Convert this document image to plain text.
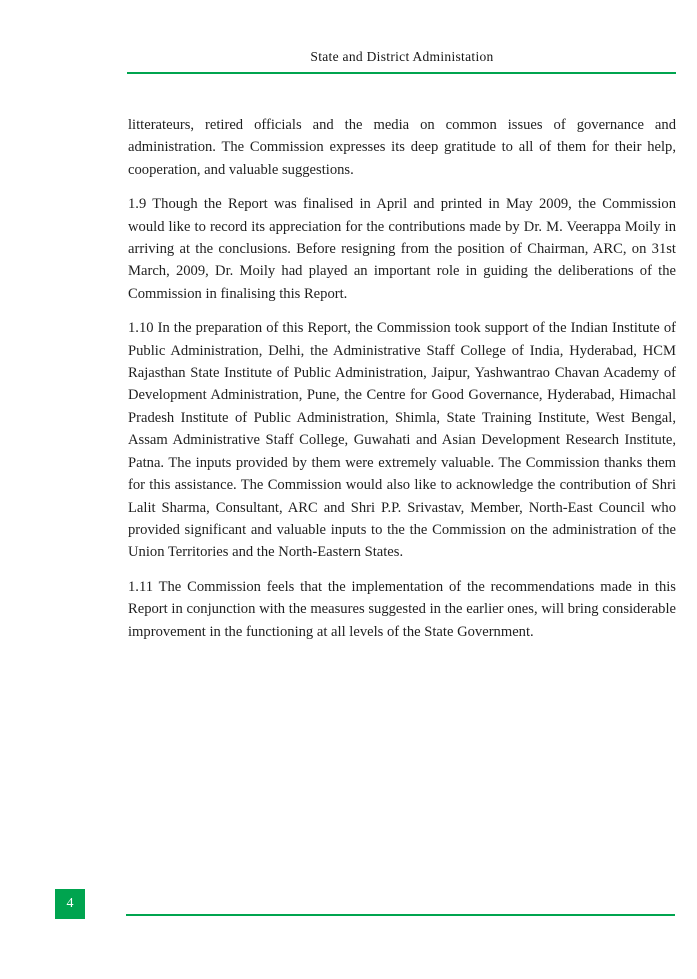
State and District Administation

litterateurs, retired officials and the media on common issues of governance and administration. The Commission expresses its deep gratitude to all of them for their help, cooperation, and valuable suggestions.

1.9 Though the Report was finalised in April and printed in May 2009, the Commission would like to record its appreciation for the contributions made by Dr. M. Veerappa Moily in arriving at the conclusions. Before resigning from the position of Chairman, ARC, on 31st March, 2009, Dr. Moily had played an important role in guiding the deliberations of the Commission in finalising this Report.

1.10 In the preparation of this Report, the Commission took support of the Indian Institute of Public Administration, Delhi, the Administrative Staff College of India, Hyderabad, HCM Rajasthan State Institute of Public Administration, Jaipur, Yashwantrao Chavan Academy of Development Administration, Pune, the Centre for Good Governance, Hyderabad, Himachal Pradesh Institute of Public Administration, Shimla, State Training Institute, West Bengal, Assam Administrative Staff College, Guwahati and Asian Development Research Institute, Patna. The inputs provided by them were extremely valuable. The Commission thanks them for this assistance. The Commission would also like to acknowledge the contribution of Shri Lalit Sharma, Consultant, ARC and Shri P.P. Srivastav, Member, North-East Council who provided significant and valuable inputs to the the Commission on the administration of the Union Territories and the North-Eastern States.

1.11 The Commission feels that the implementation of the recommendations made in this Report in conjunction with the measures suggested in the earlier ones, will bring considerable improvement in the functioning at all levels of the State Government.

4
